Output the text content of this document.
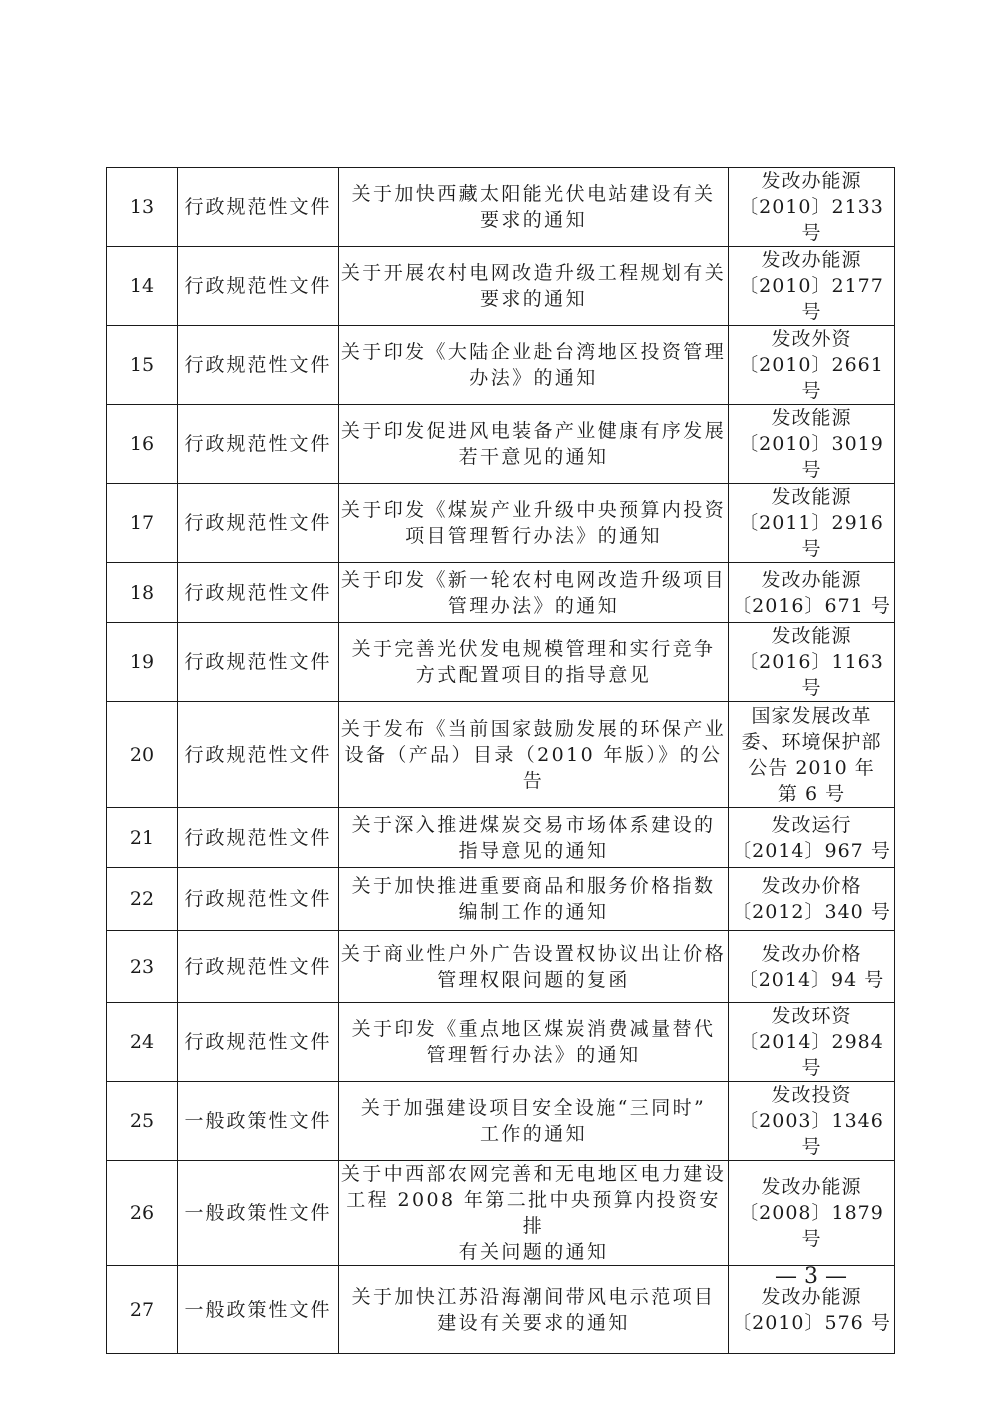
13	行政规范性文件	关于加快西藏太阳能光伏电站建设有关
要求的通知	发改办能源
〔2010〕2133 号

14	行政规范性文件	关于开展农村电网改造升级工程规划有关
要求的通知	发改办能源
〔2010〕2177 号

15	行政规范性文件	关于印发《大陆企业赴台湾地区投资管理
办法》的通知	发改外资
〔2010〕2661 号

16	行政规范性文件	关于印发促进风电装备产业健康有序发展
若干意见的通知	发改能源
〔2010〕3019 号

17	行政规范性文件	关于印发《煤炭产业升级中央预算内投资
项目管理暂行办法》的通知	发改能源
〔2011〕2916 号

18	行政规范性文件	关于印发《新一轮农村电网改造升级项目
管理办法》的通知	发改办能源
〔2016〕671 号

19	行政规范性文件	关于完善光伏发电规模管理和实行竞争
方式配置项目的指导意见	发改能源
〔2016〕1163 号

20	行政规范性文件	关于发布《当前国家鼓励发展的环保产业
设备（产品）目录（2010 年版）》的公告	国家发展改革
委、环境保护部
公告 2010 年
第 6 号

21	行政规范性文件	关于深入推进煤炭交易市场体系建设的
指导意见的通知	发改运行
〔2014〕967 号

22	行政规范性文件	关于加快推进重要商品和服务价格指数
编制工作的通知	发改办价格
〔2012〕340 号

23	行政规范性文件	关于商业性户外广告设置权协议出让价格
管理权限问题的复函	发改办价格
〔2014〕94 号

24	行政规范性文件	关于印发《重点地区煤炭消费减量替代
管理暂行办法》的通知	发改环资
〔2014〕2984 号

25	一般政策性文件	关于加强建设项目安全设施“三同时”
工作的通知	发改投资
〔2003〕1346 号

26	一般政策性文件	关于中西部农网完善和无电地区电力建设
工程 2008 年第二批中央预算内投资安排
有关问题的通知	发改办能源
〔2008〕1879 号

27	一般政策性文件	关于加快江苏沿海潮间带风电示范项目
建设有关要求的通知	发改办能源
〔2010〕576 号
— 3 —
